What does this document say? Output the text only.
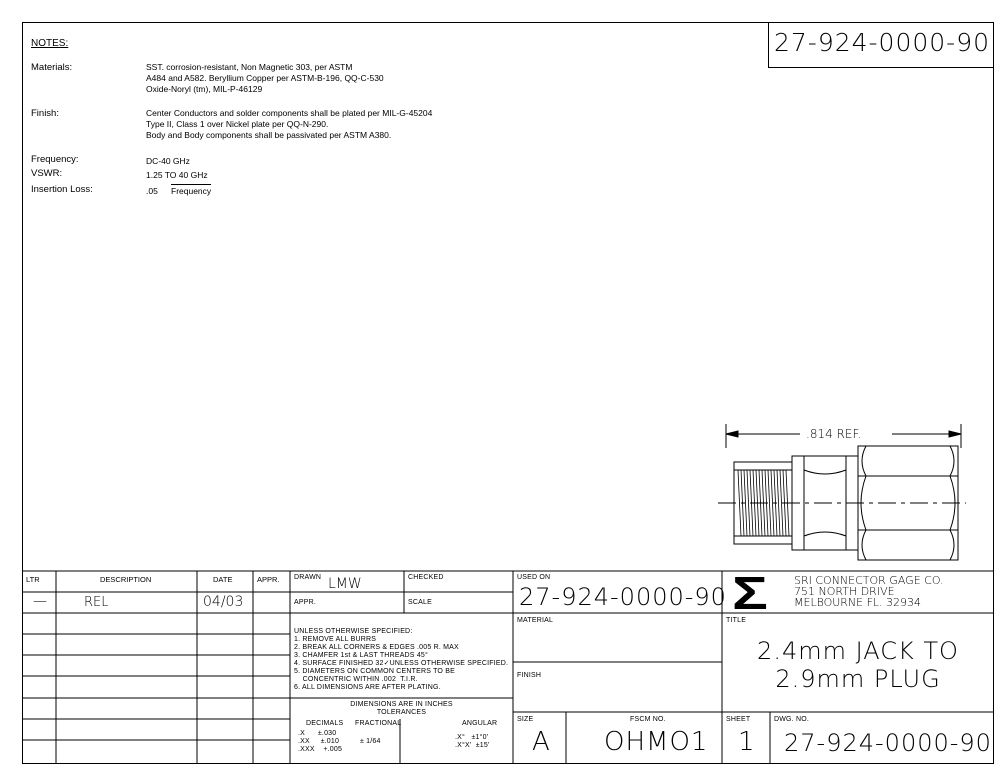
27-924-0000-90
NOTES:
Materials:	SST. corrosion-resistant, Non Magnetic 303, per ASTM
A484 and A582. Beryllium Copper per ASTM-B-196, QQ-C-530
Oxide-Noryl (tm), MIL-P-46129
Finish:	Center Conductors and solder components shall be plated per MIL-G-45204
Type II, Class 1 over Nickel plate per QQ-N-290.
Body and Body components shall be passivated per ASTM A380.
Frequency:	DC-40 GHz
VSWR:	1.25 TO 40 GHz
Insertion Loss:	.05 Frequency
.814 REF.
LTR	DESCRIPTION	DATE	APPR.
—	REL	04/03
DRAWN LMW	CHECKED
APPR.	SCALE
UNLESS OTHERWISE SPECIFIED:
1. REMOVE ALL BURRS
2. BREAK ALL CORNERS & EDGES .005 R. MAX
3. CHAMFER 1st & LAST THREADS 45°
4. SURFACE FINISHED 32✓UNLESS OTHERWISE SPECIFIED.
5. DIAMETERS ON COMMON CENTERS TO BE
CONCENTRIC WITHIN .002  T.I.R.
6. ALL DIMENSIONS ARE AFTER PLATING.
DIMENSIONS ARE IN INCHES
TOLERANCES
DECIMALS FRACTIONAL	ANGULAR
.X      ±.030
.XX     ±.010
.XXX    +.005
± 1/64
.X°   ±1°0'
.X°X'  ±15'
USED ON
27-924-0000-90
MATERIAL
FINISH
Σ SRI CONNECTOR GAGE CO.
751 NORTH DRIVE
MELBOURNE FL. 32934
TITLE
2.4mm JACK TO
2.9mm PLUG
SIZE
A
FSCM NO.
OHMO1
SHEET
1
DWG. NO.
27-924-0000-90
